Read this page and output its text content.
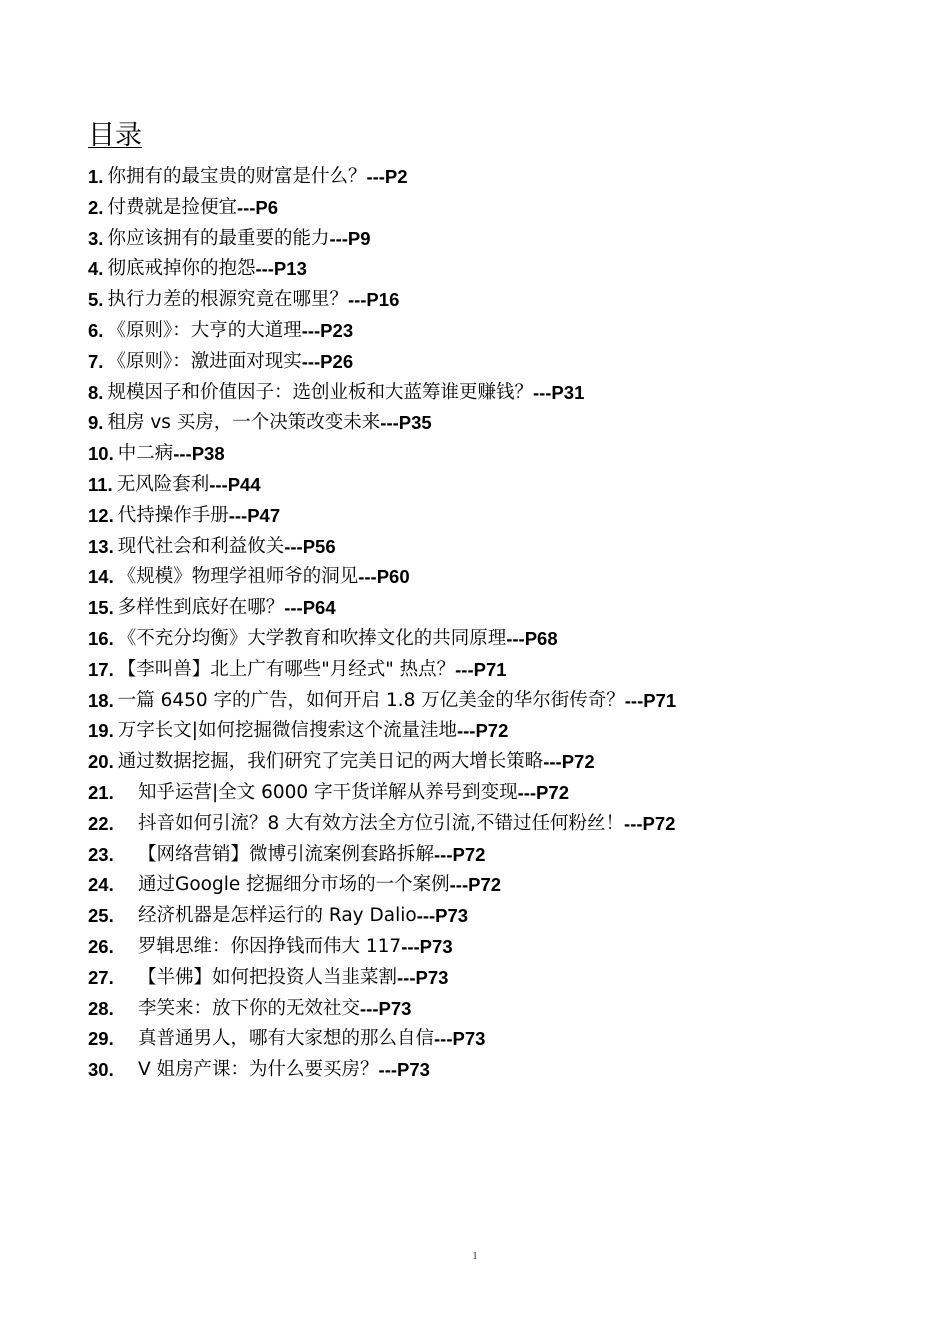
目录
1. 你拥有的最宝贵的财富是什么？ ---P2
2. 付费就是捡便宜 ---P6
3. 你应该拥有的最重要的能力 ---P9
4. 彻底戒掉你的抱怨 ---P13
5. 执行力差的根源究竟在哪里？ ---P16
6. 《原则》：大亨的大道理 ---P23
7. 《原则》：激进面对现实 ---P26
8. 规模因子和价值因子：选创业板和大蓝筹谁更赚钱？ ---P31
9. 租房 vs 买房，一个决策改变未来 ---P35
10. 中二病 ---P38
11. 无风险套利 ---P44
12. 代持操作手册 ---P47
13. 现代社会和利益攸关 ---P56
14. 《规模》物理学祖师爷的洞见 ---P60
15. 多样性到底好在哪？ ---P64
16. 《不充分均衡》大学教育和吹捧文化的共同原理 ---P68
17. 【李叫兽】北上广有哪些"月经式" 热点？ ---P71
18. 一篇 6450 字的广告，如何开启 1.8 万亿美金的华尔街传奇？ ---P71
19. 万字长文|如何挖掘微信搜索这个流量洼地 ---P72
20. 通过数据挖掘，我们研究了完美日记的两大增长策略 ---P72
21.	知乎运营|全文 6000 字干货详解从养号到变现 ---P72
22.	抖音如何引流？8 大有效方法全方位引流,不错过任何粉丝！ ---P72
23.	【网络营销】微博引流案例套路拆解 ---P72
24.	通过Google 挖掘细分市场的一个案例 ---P72
25.	经济机器是怎样运行的 Ray Dalio ---P73
26.	罗辑思维：你因挣钱而伟大 117 ---P73
27.	【半佛】如何把投资人当韭菜割 ---P73
28.	李笑来：放下你的无效社交 ---P73
29.	真普通男人，哪有大家想的那么自信 ---P73
30.	V 姐房产课：为什么要买房？ ---P73
1
